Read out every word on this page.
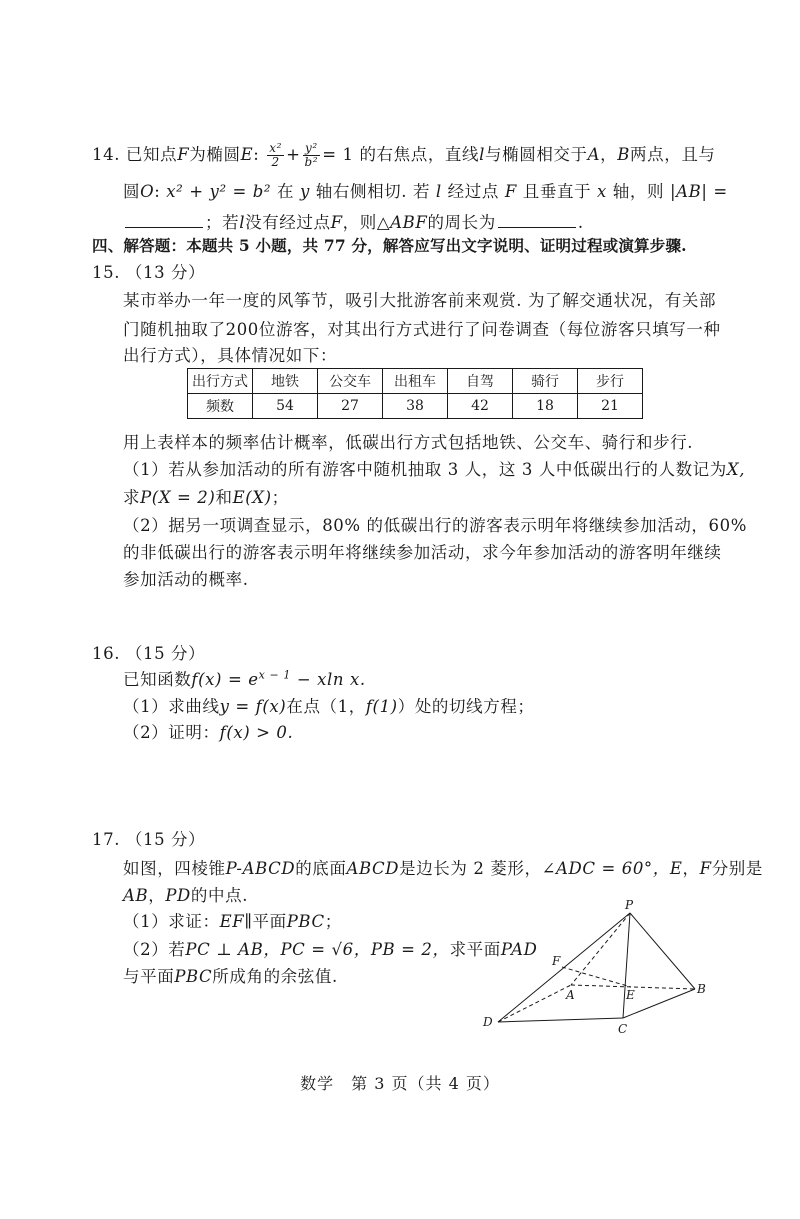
14. 已知点F为椭圆E: $\frac{\text{x²}}{2} + \frac{\text{y²}}{\text{b²}} = 1$ 的右焦点，直线l与椭圆相交于A，B两点，且与
圆O: x² + y² = b² 在 y 轴右侧相切. 若 l 经过点 F 且垂直于 x 轴，则 |AB| =
；若l没有经过点F，则△ABF的周长为	.
四、解答题：本题共 5 小题，共 77 分，解答应写出文字说明、证明过程或演算步骤.
15. （13 分）
某市举办一年一度的风筝节，吸引大批游客前来观赏. 为了解交通状况，有关部
门随机抽取了200位游客，对其出行方式进行了问卷调查（每位游客只填写一种
出行方式），具体情况如下：
出行方式	地铁	公交车	出租车	自驾	骑行	步行
频数	54	27	38	42	18	21
用上表样本的频率估计概率，低碳出行方式包括地铁、公交车、骑行和步行.
（1）若从参加活动的所有游客中随机抽取 3 人，这 3 人中低碳出行的人数记为X,
求P(X = 2)和E(X)；
（2）据另一项调查显示，80% 的低碳出行的游客表示明年将继续参加活动，60%
的非低碳出行的游客表示明年将继续参加活动，求今年参加活动的游客明年继续
参加活动的概率.
16. （15 分）
已知函数$f(x) = e^{x - 1} - xln$ x.
（1）求曲线y = f(x)在点（1，f(1)）处的切线方程；
（2）证明：f(x) > 0.
17. （15 分）
如图，四棱锥P-ABCD的底面ABCD是边长为 2 菱形，∠ADC = 60°，E，F分别是
AB，PD的中点.
（1）求证：EF∥平面PBC；
（2）若PC ⊥ AB，PC = √6，PB = 2，求平面PAD
与平面PBC所成角的余弦值.
P
F
A	E	B
D	C
数学　第 3 页（共 4 页）
